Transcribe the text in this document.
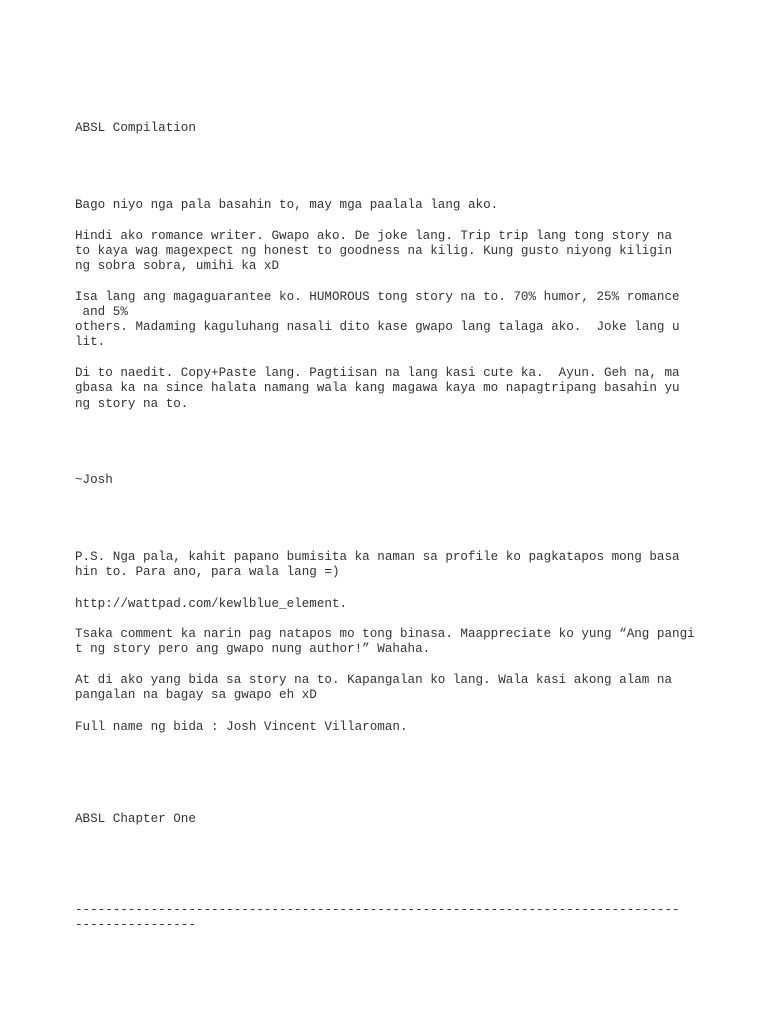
ABSL Compilation
Bago niyo nga pala basahin to, may mga paalala lang ako.
Hindi ako romance writer. Gwapo ako. De joke lang. Trip trip lang tong story na
to kaya wag magexpect ng honest to goodness na kilig. Kung gusto niyong kiligin
ng sobra sobra, umihi ka xD
Isa lang ang magaguarantee ko. HUMOROUS tong story na to. 70% humor, 25% romance
and 5%
others. Madaming kaguluhang nasali dito kase gwapo lang talaga ako.  Joke lang u
lit.
Di to naedit. Copy+Paste lang. Pagtiisan na lang kasi cute ka.  Ayun. Geh na, ma
gbasa ka na since halata namang wala kang magawa kaya mo napagtripang basahin yu
ng story na to.
~Josh
P.S. Nga pala, kahit papano bumisita ka naman sa profile ko pagkatapos mong basa
hin to. Para ano, para wala lang =)
http://wattpad.com/kewlblue_element.
Tsaka comment ka narin pag natapos mo tong binasa. Maappreciate ko yung “Ang pangi
t ng story pero ang gwapo nung author!” Wahaha.
At di ako yang bida sa story na to. Kapangalan ko lang. Wala kasi akong alam na
pangalan na bagay sa gwapo eh xD
Full name ng bida : Josh Vincent Villaroman.
ABSL Chapter One
--------------------------------------------------------------------------------
----------------
